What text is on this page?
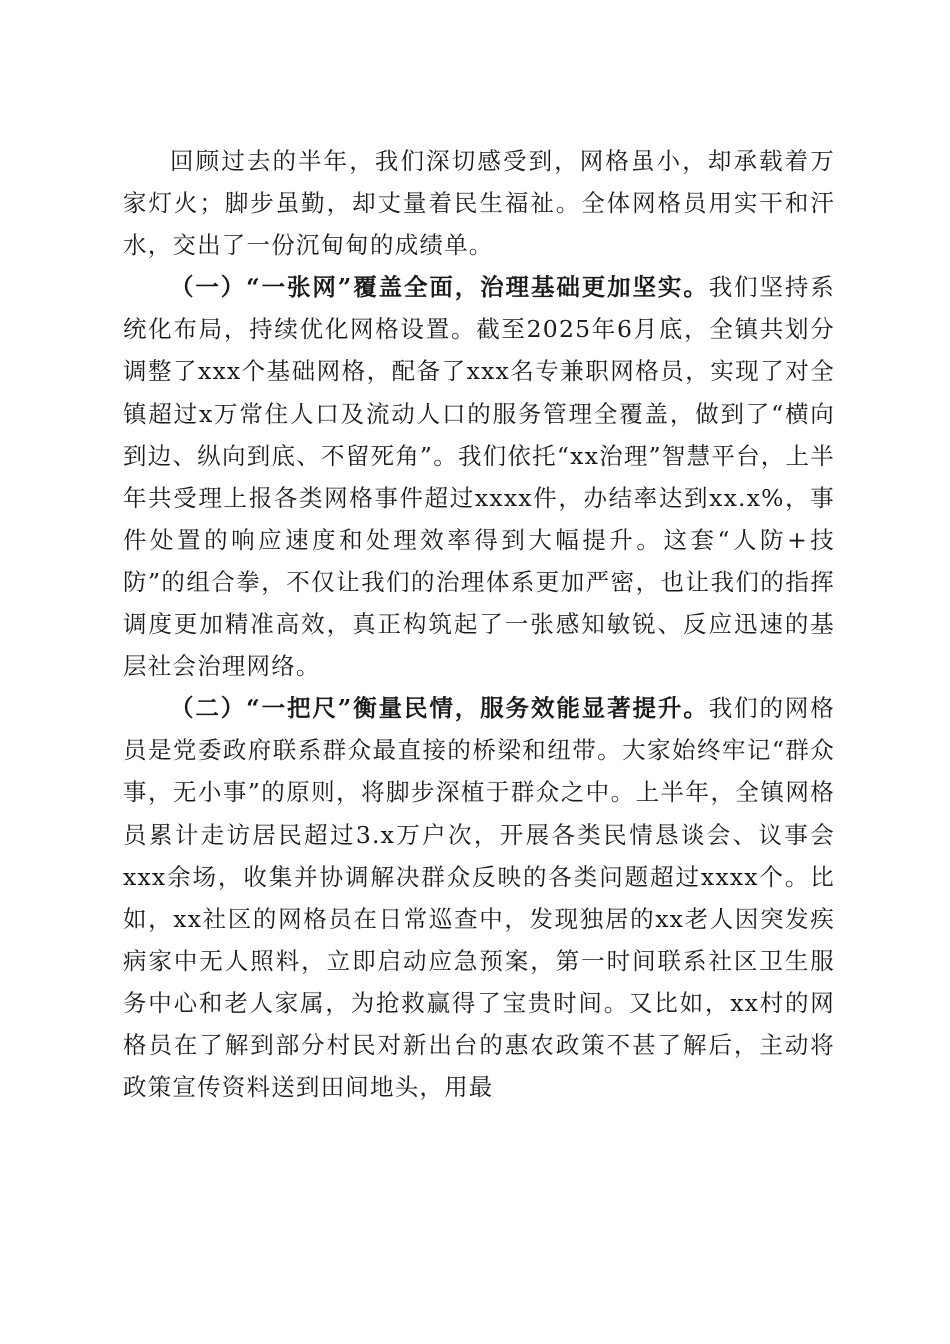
回顾过去的半年，我们深切感受到，网格虽小，却承载着万家灯火；脚步虽勤，却丈量着民生福祉。全体网格员用实干和汗水，交出了一份沉甸甸的成绩单。

（一）“一张网”覆盖全面，治理基础更加坚实。我们坚持系统化布局，持续优化网格设置。截至2025年6月底，全镇共划分调整了xxx个基础网格，配备了xxx名专兼职网格员，实现了对全镇超过x万常住人口及流动人口的服务管理全覆盖，做到了“横向到边、纵向到底、不留死角”。我们依托“xx治理”智慧平台，上半年共受理上报各类网格事件超过xxxx件，办结率达到xx.x%，事件处置的响应速度和处理效率得到大幅提升。这套“人防+技防”的组合拳，不仅让我们的治理体系更加严密，也让我们的指挥调度更加精准高效，真正构筑起了一张感知敏锐、反应迅速的基层社会治理网络。

（二）“一把尺”衡量民情，服务效能显著提升。我们的网格员是党委政府联系群众最直接的桥梁和纽带。大家始终牢记“群众事，无小事”的原则，将脚步深植于群众之中。上半年，全镇网格员累计走访居民超过3.x万户次，开展各类民情恳谈会、议事会xxx余场，收集并协调解决群众反映的各类问题超过xxxx个。比如，xx社区的网格员在日常巡查中，发现独居的xx老人因突发疾病家中无人照料，立即启动应急预案，第一时间联系社区卫生服务中心和老人家属，为抢救赢得了宝贵时间。又比如，xx村的网格员在了解到部分村民对新出台的惠农政策不甚了解后，主动将政策宣传资料送到田间地头，用最
